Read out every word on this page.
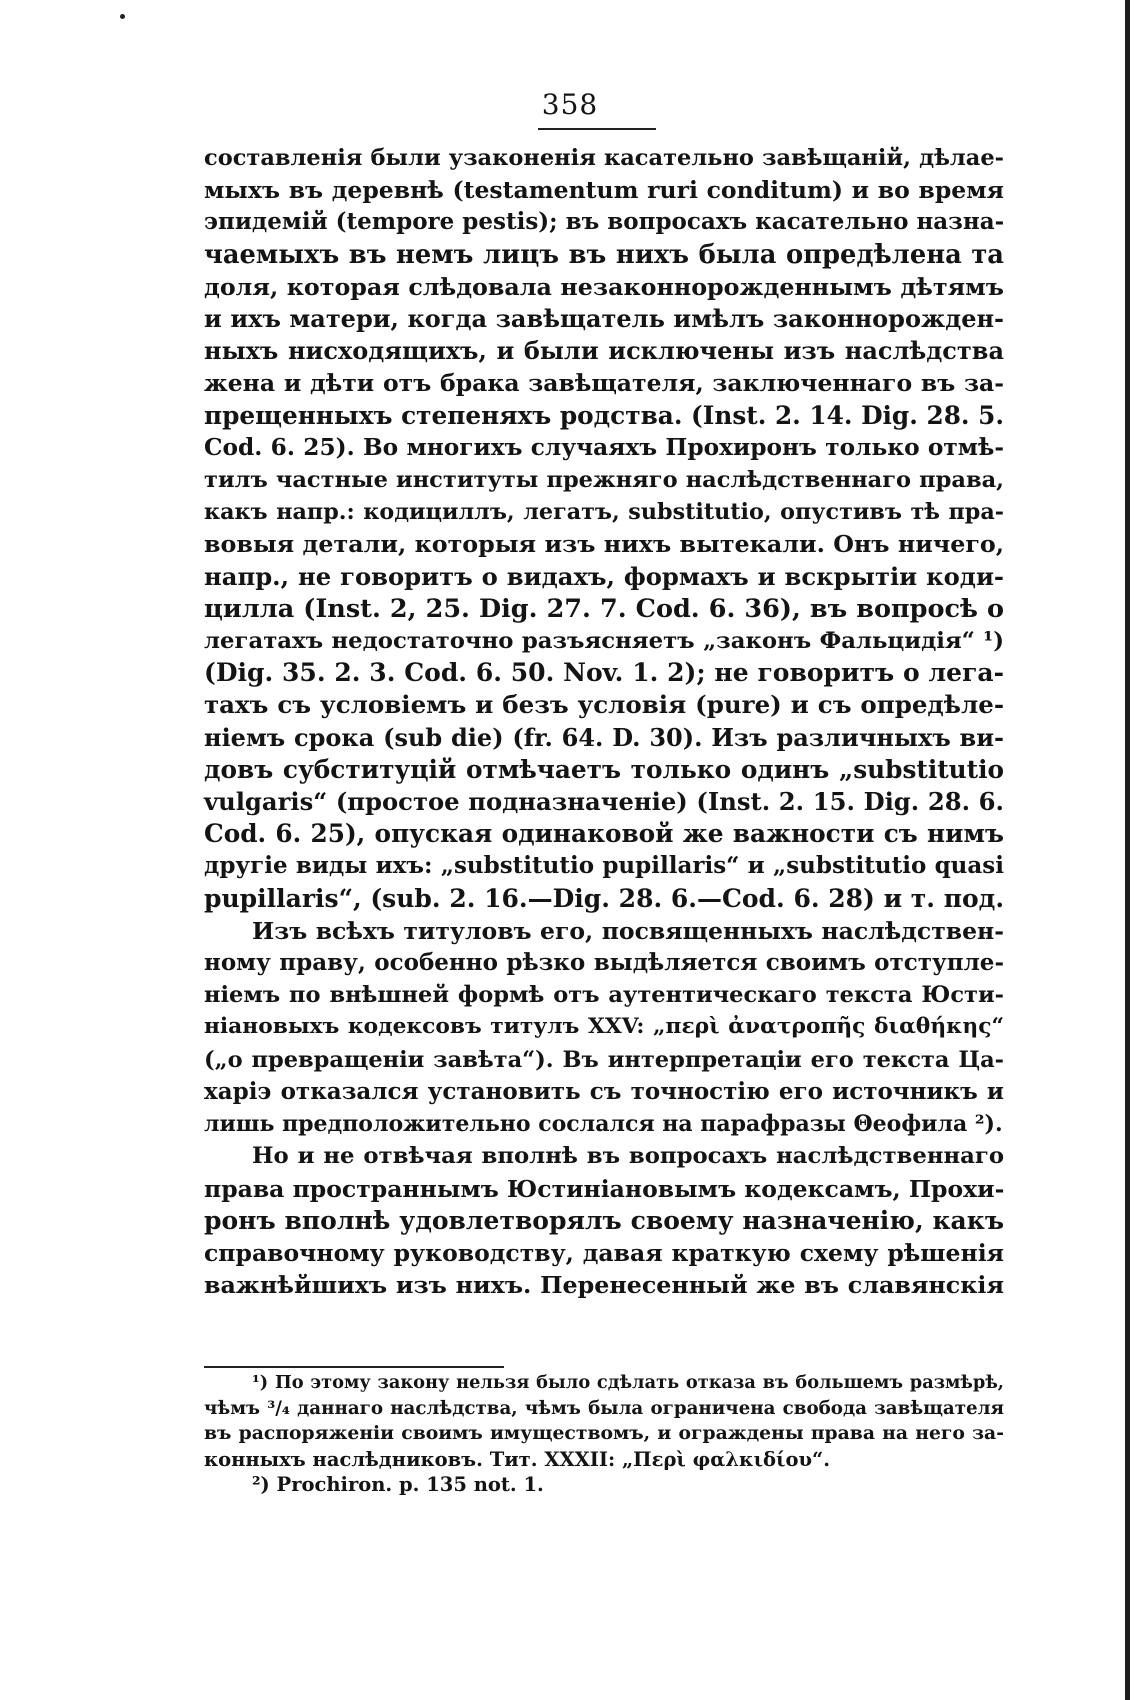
358
составленія были узаконенія касательно завѣщаній, дѣлае-
мыхъ въ деревнѣ (testamentum ruri conditum) и во время
эпидемій (tempore pestis); въ вопросахъ касательно назна-
чаемыхъ въ немъ лицъ въ нихъ была опредѣлена та
доля, которая слѣдовала незаконнорожденнымъ дѣтямъ
и ихъ матери, когда завѣщатель имѣлъ законнорожден-
ныхъ нисходящихъ, и были исключены изъ наслѣдства
жена и дѣти отъ брака завѣщателя, заключеннаго въ за-
прещенныхъ степеняхъ родства. (Inst. 2. 14. Dig. 28. 5.
Cod. 6. 25). Во многихъ случаяхъ Прохиронъ только отмѣ-
тилъ частные институты прежняго наслѣдственнаго права,
какъ напр.: кодициллъ, легатъ, substitutio, опустивъ тѣ пра-
вовыя детали, которыя изъ нихъ вытекали. Онъ ничего,
напр., не говоритъ о видахъ, формахъ и вскрытіи коди-
цилла (Inst. 2, 25. Dig. 27. 7. Cod. 6. 36), въ вопросѣ о
легатахъ недостаточно разъясняетъ „законъ Фальцидія“ ¹)
(Dig. 35. 2. 3. Cod. 6. 50. Nov. 1. 2); не говоритъ о лега-
тахъ съ условіемъ и безъ условія (pure) и съ опредѣле-
ніемъ срока (sub die) (fr. 64. D. 30). Изъ различныхъ ви-
довъ субституцій отмѣчаетъ только одинъ „substitutio
vulgaris“ (простое подназначеніе) (Inst. 2. 15. Dig. 28. 6.
Cod. 6. 25), опуская одинаковой же важности съ нимъ
другіе виды ихъ: „substitutio pupillaris“ и „substitutio quasi
pupillaris“, (sub. 2. 16.—Dig. 28. 6.—Cod. 6. 28) и т. под.
Изъ всѣхъ титуловъ его, посвященныхъ наслѣдствен-
ному праву, особенно рѣзко выдѣляется своимъ отступле-
ніемъ по внѣшней формѣ отъ аутентическаго текста Юсти-
ніановыхъ кодексовъ титулъ XXV: „περὶ ἀνατροπῆς διαθήκης“
(„о превращеніи завѣта“). Въ интерпретаціи его текста Ца-
харіэ отказался установить съ точностію его источникъ и
лишь предположительно сослался на парафразы Θеофила ²).
Но и не отвѣчая вполнѣ въ вопросахъ наслѣдственнаго
права пространнымъ Юстиніановымъ кодексамъ, Прохи-
ронъ вполнѣ удовлетворялъ своему назначенію, какъ
справочному руководству, давая краткую схему рѣшенія
важнѣйшихъ изъ нихъ. Перенесенный же въ славянскія
¹) По этому закону нельзя было сдѣлать отказа въ большемъ размѣрѣ,
чѣмъ ³/₄ даннаго наслѣдства, чѣмъ была ограничена свобода завѣщателя
въ распоряженіи своимъ имуществомъ, и ограждены права на него за-
конныхъ наслѣдниковъ. Тит. XXXII: „Περὶ φαλκιδίου“.
²) Prochiron. p. 135 not. 1.
